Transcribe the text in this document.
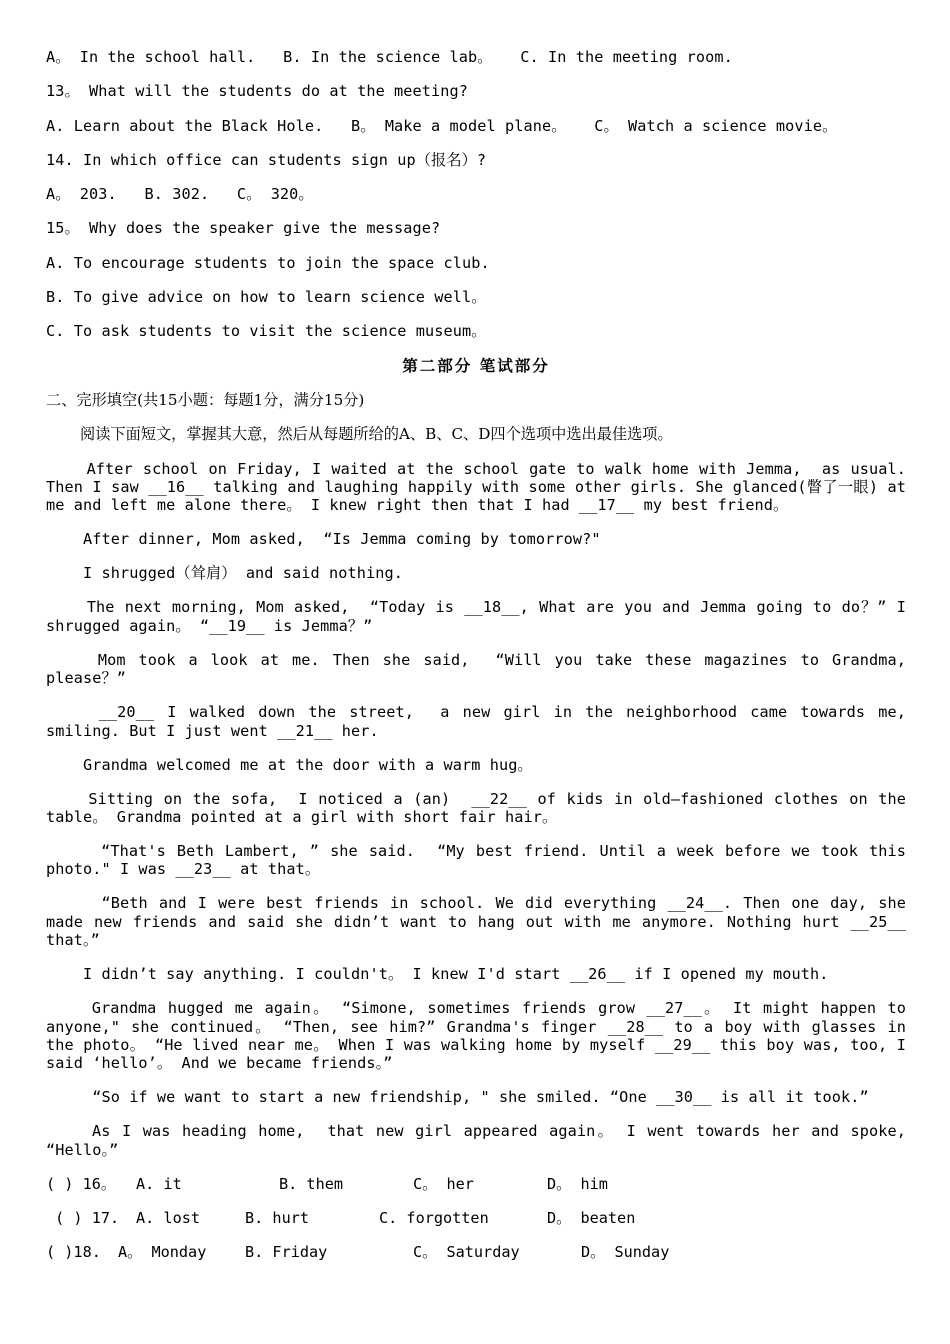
A。 In the school hall.   B. In the science lab。   C. In the meeting room.
13。 What will the students do at the meeting?
A. Learn about the Black Hole.   B。 Make a model plane。   C。 Watch a science movie。
14. In which office can students sign up（报名）?
A。 203.   B. 302.   C。 320。
15。 Why does the speaker give the message?
A. To encourage students to join the space club.
B. To give advice on how to learn science well。
C. To ask students to visit the science museum。
第二部分 笔试部分
二、完形填空(共15小题：每题1分，满分15分)
阅读下面短文，掌握其大意，然后从每题所给的A、B、C、D四个选项中选出最佳选项。
After school on Friday, I waited at the school gate to walk home with Jemma,  as usual. Then I saw __16__ talking and laughing happily with some other girls. She glanced(瞥了一眼) at me and left me alone there。 I knew right then that I had __17__ my best friend。
After dinner, Mom asked,  “Is Jemma coming by tomorrow?"
I shrugged（耸肩） and said nothing.
The next morning, Mom asked,  “Today is __18__, What are you and Jemma going to do？” I shrugged again。 “__19__ is Jemma？”
Mom took a look at me. Then she said,  “Will you take these magazines to Grandma, please？”
__20__ I walked down the street,  a new girl in the neighborhood came towards me, smiling. But I just went __21__ her.
Grandma welcomed me at the door with a warm hug。
Sitting on the sofa,  I noticed a (an)  __22__ of kids in old—fashioned clothes on the table。 Grandma pointed at a girl with short fair hair。
“That's Beth Lambert, ” she said.  “My best friend. Until a week before we took this photo." I was __23__ at that。
“Beth and I were best friends in school. We did everything __24__. Then one day, she made new friends and said she didn’t want to hang out with me anymore. Nothing hurt __25__ that。”
I didn’t say anything. I couldn't。 I knew I'd start __26__ if I opened my mouth.
Grandma hugged me again。 “Simone, sometimes friends grow __27__。 It might happen to anyone," she continued。 “Then, see him?” Grandma's finger __28__ to a boy with glasses in the photo。 “He lived near me。 When I was walking home by myself __29__ this boy was, too, I said ‘hello’。 And we became friends。”
“So if we want to start a new friendship, " she smiled. “One __30__ is all it took.”
As I was heading home,  that new girl appeared again。 I went towards her and spoke, “Hello。”
( ) 16。	A. it	B. them	C。 her	D。 him
( ) 17.	A. lost	B. hurt	C. forgotten	D。 beaten
( )18.	A。 Monday	B. Friday	C。 Saturday	D。 Sunday
